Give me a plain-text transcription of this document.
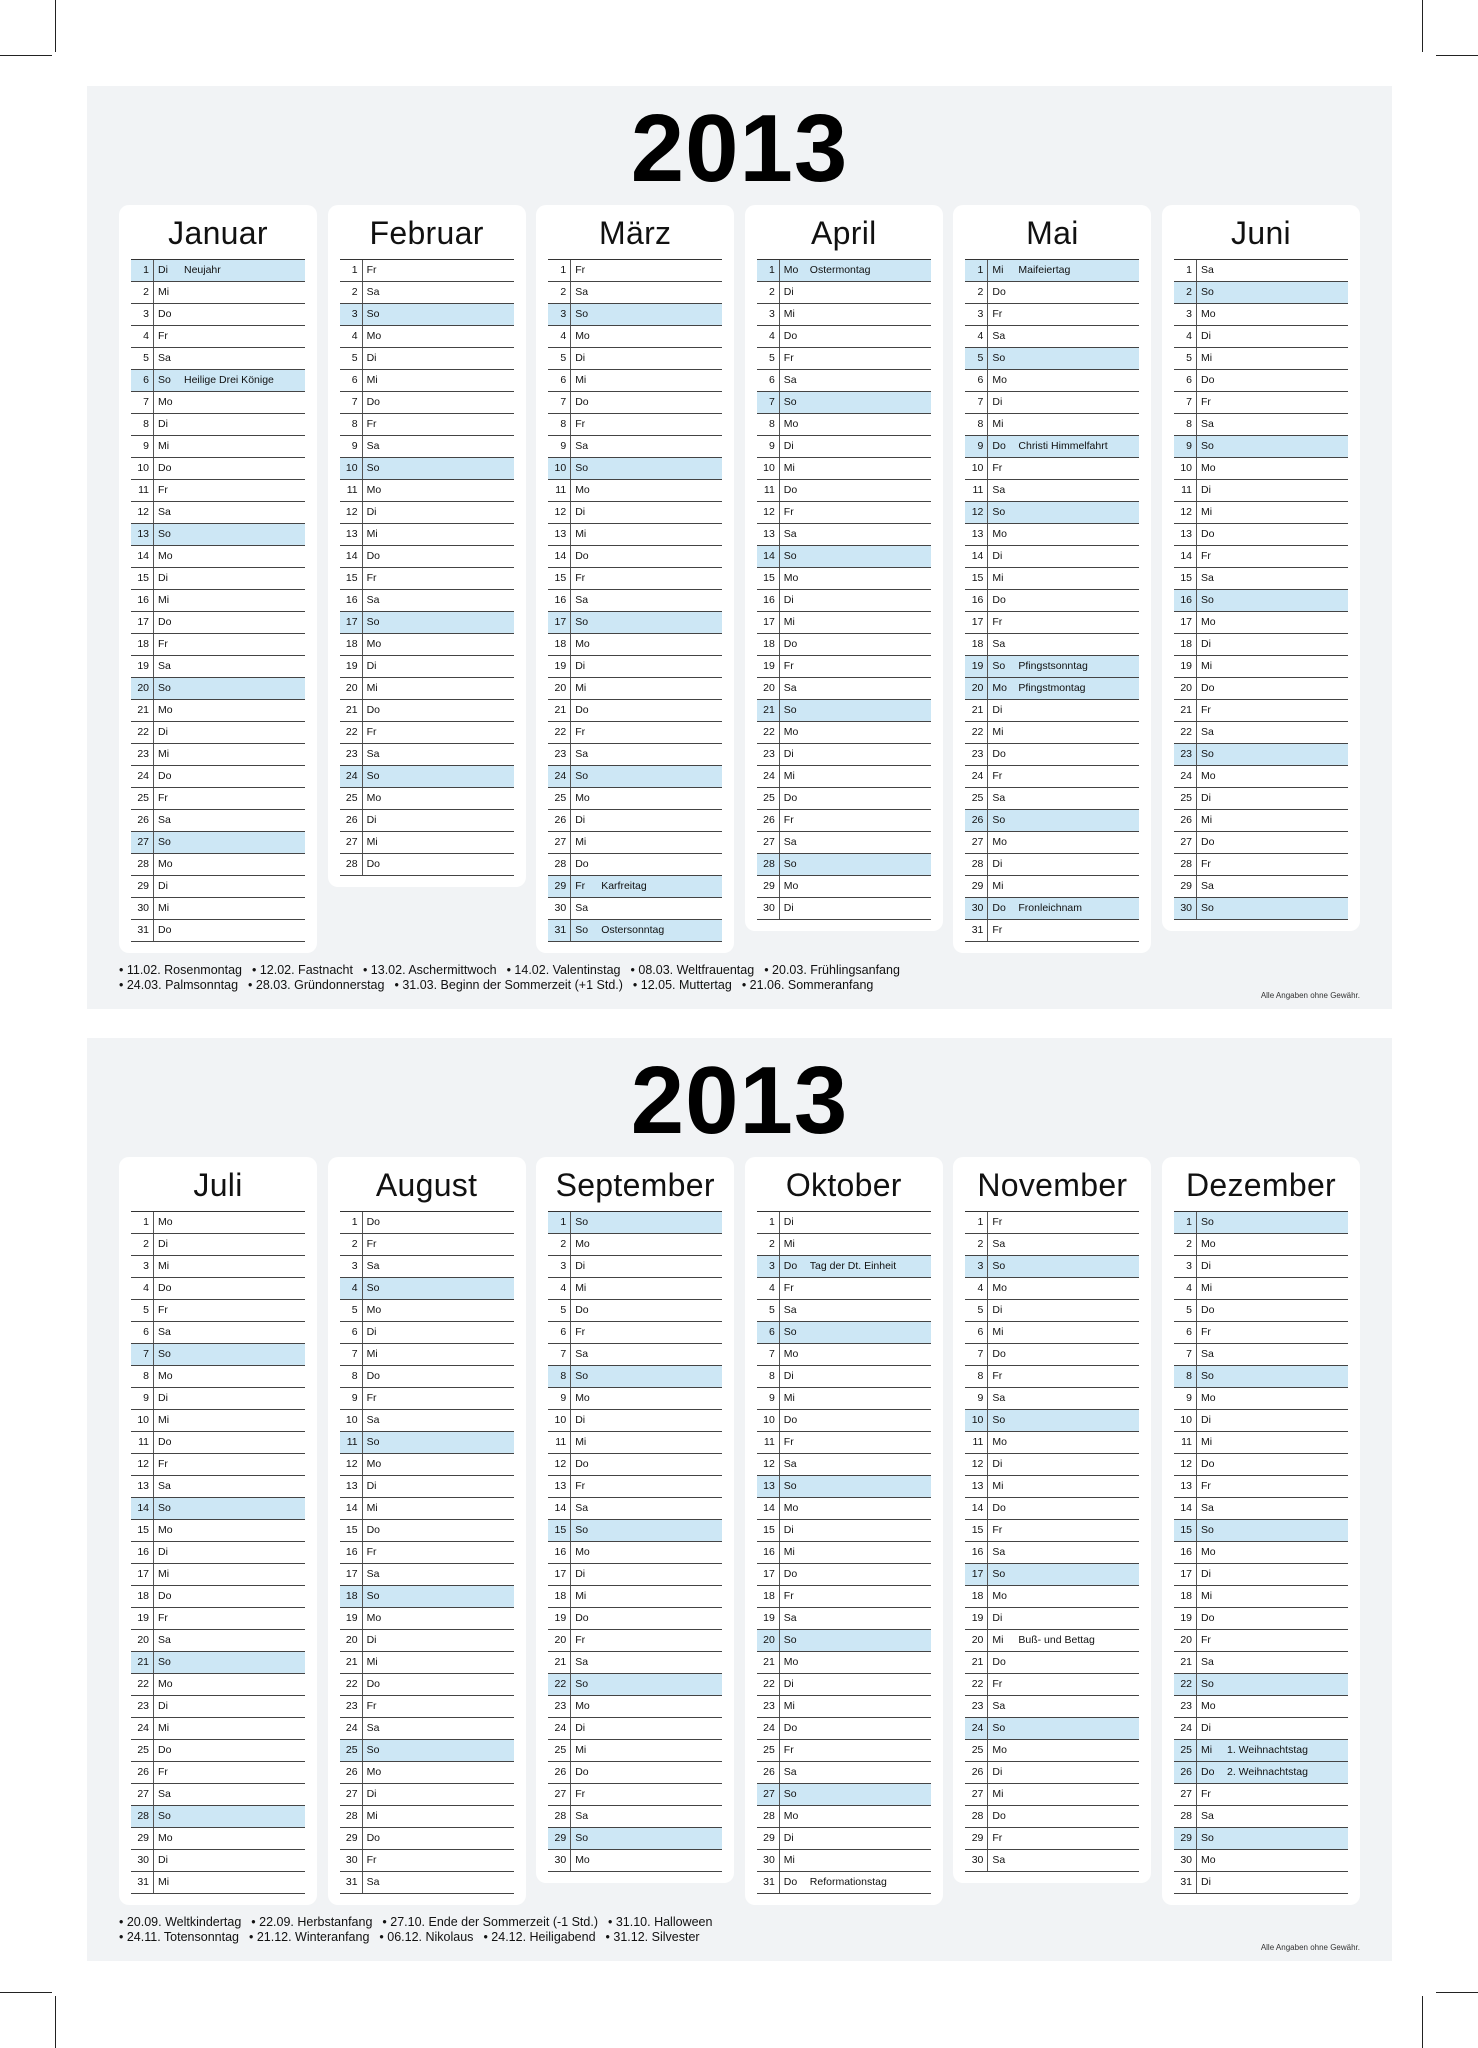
2013
Januar
1 Di	Neujahr
2 Mi
3 Do
4 Fr
5 Sa
6 So	Heilige Drei Könige
7 Mo
8 Di
9 Mi
10 Do
11 Fr
12 Sa
13 So
14 Mo
15 Di
16 Mi
17 Do
18 Fr
19 Sa
20 So
21 Mo
22 Di
23 Mi
24 Do
25 Fr
26 Sa
27 So
28 Mo
29 Di
30 Mi
31 Do
Februar
1 Fr
2 Sa
3 So
4 Mo
5 Di
6 Mi
7 Do
8 Fr
9 Sa
10 So
11 Mo
12 Di
13 Mi
14 Do
15 Fr
16 Sa
17 So
18 Mo
19 Di
20 Mi
21 Do
22 Fr
23 Sa
24 So
25 Mo
26 Di
27 Mi
28 Do
März
1 Fr
2 Sa
3 So
4 Mo
5 Di
6 Mi
7 Do
8 Fr
9 Sa
10 So
11 Mo
12 Di
13 Mi
14 Do
15 Fr
16 Sa
17 So
18 Mo
19 Di
20 Mi
21 Do
22 Fr
23 Sa
24 So
25 Mo
26 Di
27 Mi
28 Do
29 Fr	Karfreitag
30 Sa
31 So	Ostersonntag
April
1 Mo	Ostermontag
2 Di
3 Mi
4 Do
5 Fr
6 Sa
7 So
8 Mo
9 Di
10 Mi
11 Do
12 Fr
13 Sa
14 So
15 Mo
16 Di
17 Mi
18 Do
19 Fr
20 Sa
21 So
22 Mo
23 Di
24 Mi
25 Do
26 Fr
27 Sa
28 So
29 Mo
30 Di
Mai
1 Mi	Maifeiertag
2 Do
3 Fr
4 Sa
5 So
6 Mo
7 Di
8 Mi
9 Do	Christi Himmelfahrt
10 Fr
11 Sa
12 So
13 Mo
14 Di
15 Mi
16 Do
17 Fr
18 Sa
19 So	Pfingstsonntag
20 Mo	Pfingstmontag
21 Di
22 Mi
23 Do
24 Fr
25 Sa
26 So
27 Mo
28 Di
29 Mi
30 Do	Fronleichnam
31 Fr
Juni
1 Sa
2 So
3 Mo
4 Di
5 Mi
6 Do
7 Fr
8 Sa
9 So
10 Mo
11 Di
12 Mi
13 Do
14 Fr
15 Sa
16 So
17 Mo
18 Di
19 Mi
20 Do
21 Fr
22 Sa
23 So
24 Mo
25 Di
26 Mi
27 Do
28 Fr
29 Sa
30 So
• 11.02. Rosenmontag • 12.02. Fastnacht • 13.02. Aschermittwoch • 14.02. Valentinstag • 08.03. Weltfrauentag • 20.03. Frühlingsanfang
• 24.03. Palmsonntag • 28.03. Gründonnerstag • 31.03. Beginn der Sommerzeit (+1 Std.) • 12.05. Muttertag • 21.06. Sommeranfang
Alle Angaben ohne Gewähr.
2013
Juli
1 Mo
2 Di
3 Mi
4 Do
5 Fr
6 Sa
7 So
8 Mo
9 Di
10 Mi
11 Do
12 Fr
13 Sa
14 So
15 Mo
16 Di
17 Mi
18 Do
19 Fr
20 Sa
21 So
22 Mo
23 Di
24 Mi
25 Do
26 Fr
27 Sa
28 So
29 Mo
30 Di
31 Mi
August
1 Do
2 Fr
3 Sa
4 So
5 Mo
6 Di
7 Mi
8 Do
9 Fr
10 Sa
11 So
12 Mo
13 Di
14 Mi
15 Do
16 Fr
17 Sa
18 So
19 Mo
20 Di
21 Mi
22 Do
23 Fr
24 Sa
25 So
26 Mo
27 Di
28 Mi
29 Do
30 Fr
31 Sa
September
1 So
2 Mo
3 Di
4 Mi
5 Do
6 Fr
7 Sa
8 So
9 Mo
10 Di
11 Mi
12 Do
13 Fr
14 Sa
15 So
16 Mo
17 Di
18 Mi
19 Do
20 Fr
21 Sa
22 So
23 Mo
24 Di
25 Mi
26 Do
27 Fr
28 Sa
29 So
30 Mo
Oktober
1 Di
2 Mi
3 Do	Tag der Dt. Einheit
4 Fr
5 Sa
6 So
7 Mo
8 Di
9 Mi
10 Do
11 Fr
12 Sa
13 So
14 Mo
15 Di
16 Mi
17 Do
18 Fr
19 Sa
20 So
21 Mo
22 Di
23 Mi
24 Do
25 Fr
26 Sa
27 So
28 Mo
29 Di
30 Mi
31 Do	Reformationstag
November
1 Fr
2 Sa
3 So
4 Mo
5 Di
6 Mi
7 Do
8 Fr
9 Sa
10 So
11 Mo
12 Di
13 Mi
14 Do
15 Fr
16 Sa
17 So
18 Mo
19 Di
20 Mi	Buß- und Bettag
21 Do
22 Fr
23 Sa
24 So
25 Mo
26 Di
27 Mi
28 Do
29 Fr
30 Sa
Dezember
1 So
2 Mo
3 Di
4 Mi
5 Do
6 Fr
7 Sa
8 So
9 Mo
10 Di
11 Mi
12 Do
13 Fr
14 Sa
15 So
16 Mo
17 Di
18 Mi
19 Do
20 Fr
21 Sa
22 So
23 Mo
24 Di
25 Mi	1. Weihnachtstag
26 Do	2. Weihnachtstag
27 Fr
28 Sa
29 So
30 Mo
31 Di
• 20.09. Weltkindertag • 22.09. Herbstanfang • 27.10. Ende der Sommerzeit (-1 Std.) • 31.10. Halloween
• 24.11. Totensonntag • 21.12. Winteranfang • 06.12. Nikolaus • 24.12. Heiligabend • 31.12. Silvester
Alle Angaben ohne Gewähr.
